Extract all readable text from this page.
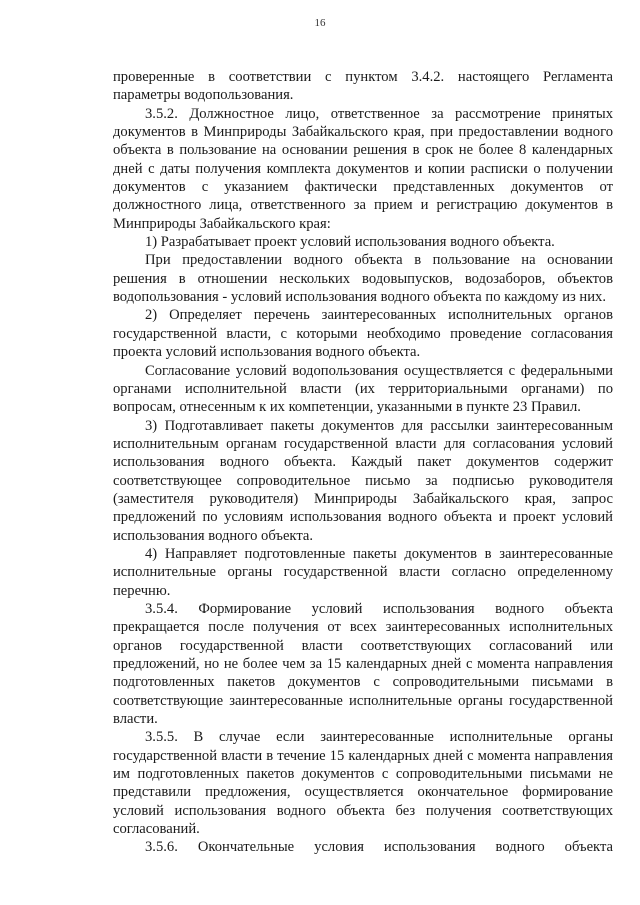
16

проверенные в соответствии с пунктом 3.4.2. настоящего Регламента параметры водопользования.

3.5.2. Должностное лицо, ответственное за рассмотрение принятых документов в Минприроды Забайкальского края, при предоставлении водного объекта в пользование на основании решения в срок не более 8 календарных дней с даты получения комплекта документов и копии расписки о получении документов с указанием фактически представленных документов от должностного лица, ответственного за прием и регистрацию документов в Минприроды Забайкальского края:

1) Разрабатывает проект условий использования водного объекта.

При предоставлении водного объекта в пользование на основании решения в отношении нескольких водовыпусков, водозаборов, объектов водопользования - условий использования водного объекта по каждому из них.

2) Определяет перечень заинтересованных исполнительных органов государственной власти, с которыми необходимо проведение согласования проекта условий использования водного объекта.

Согласование условий водопользования осуществляется с федеральными органами исполнительной власти (их территориальными органами) по вопросам, отнесенным к их компетенции, указанными в пункте 23 Правил.

3) Подготавливает пакеты документов для рассылки заинтересованным исполнительным органам государственной власти для согласования условий использования водного объекта. Каждый пакет документов содержит соответствующее сопроводительное письмо за подписью руководителя (заместителя руководителя) Минприроды Забайкальского края, запрос предложений по условиям использования водного объекта и проект условий использования водного объекта.

4) Направляет подготовленные пакеты документов в заинтересованные исполнительные органы государственной власти согласно определенному перечню.

3.5.4. Формирование условий использования водного объекта прекращается после получения от всех заинтересованных исполнительных органов государственной власти соответствующих согласований или предложений, но не более чем за 15 календарных дней с момента направления подготовленных пакетов документов с сопроводительными письмами в соответствующие заинтересованные исполнительные органы государственной власти.

3.5.5. В случае если заинтересованные исполнительные органы государственной власти в течение 15 календарных дней с момента направления им подготовленных пакетов документов с сопроводительными письмами не представили предложения, осуществляется окончательное формирование условий использования водного объекта без получения соответствующих согласований.

3.5.6. Окончательные условия использования водного объекта
